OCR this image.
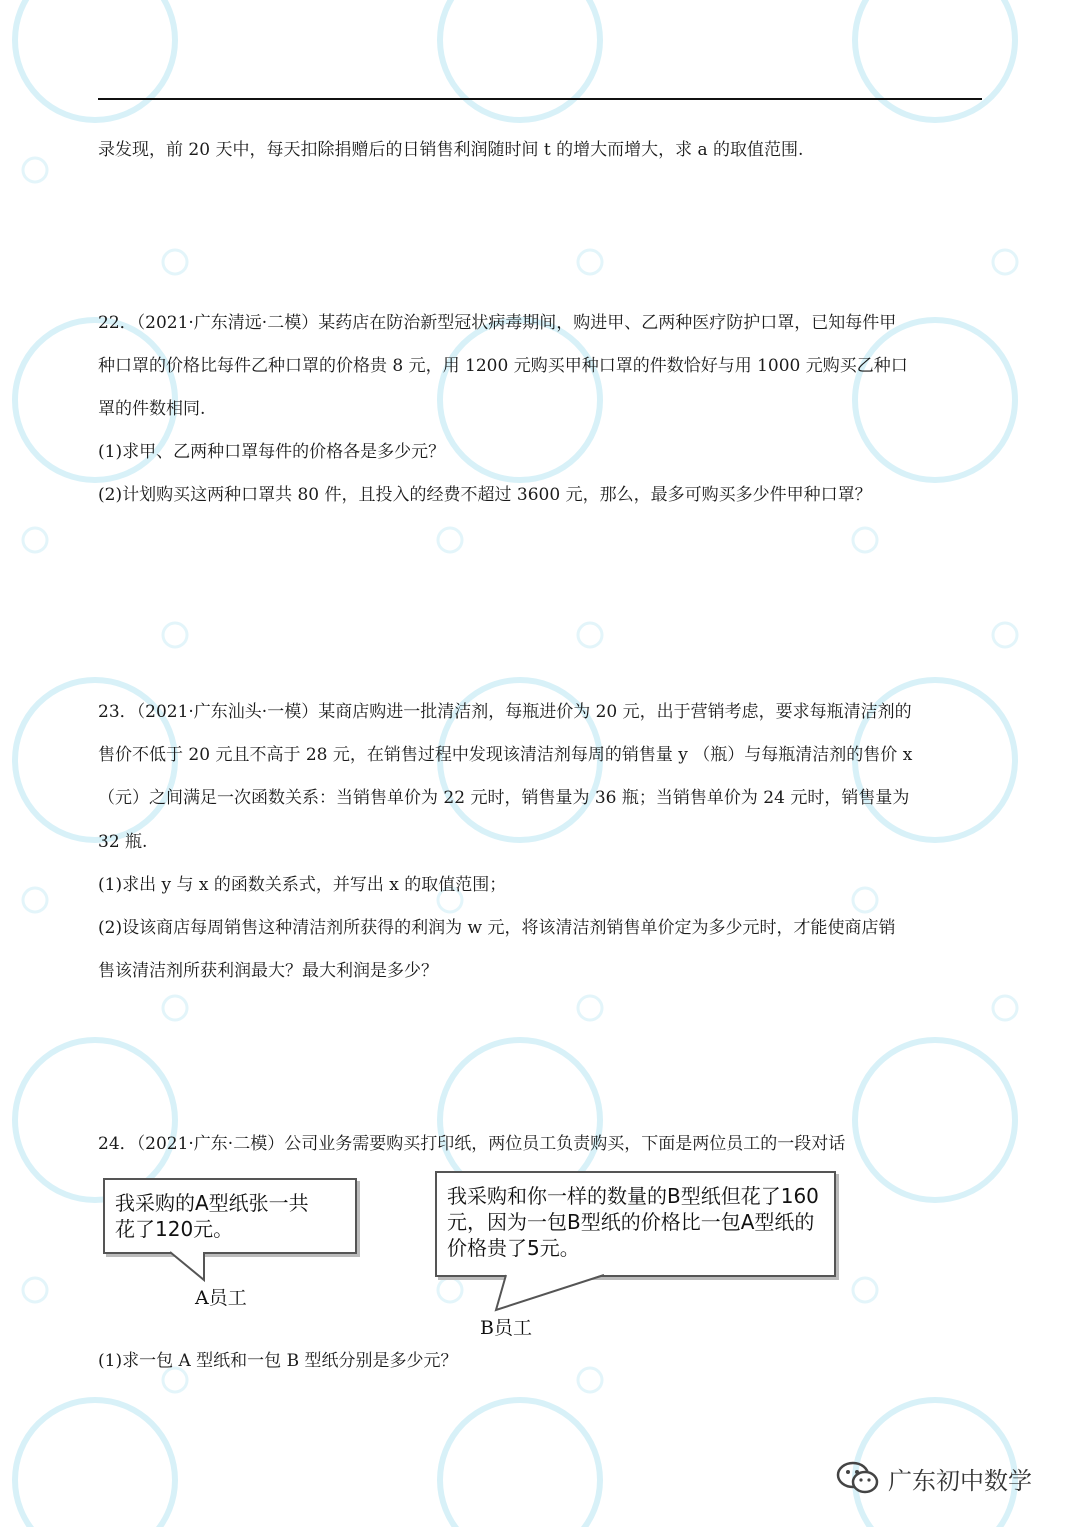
录发现，前 20 天中，每天扣除捐赠后的日销售利润随时间 t 的增大而增大，求 a 的取值范围.
22．（2021·广东清远·二模）某药店在防治新型冠状病毒期间，购进甲、乙两种医疗防护口罩，已知每件甲
种口罩的价格比每件乙种口罩的价格贵 8 元，用 1200 元购买甲种口罩的件数恰好与用 1000 元购买乙种口
罩的件数相同.
(1)求甲、乙两种口罩每件的价格各是多少元？
(2)计划购买这两种口罩共 80 件，且投入的经费不超过 3600 元，那么，最多可购买多少件甲种口罩？
23．（2021·广东汕头·一模）某商店购进一批清洁剂，每瓶进价为 20 元，出于营销考虑，要求每瓶清洁剂的
售价不低于 20 元且不高于 28 元，在销售过程中发现该清洁剂每周的销售量 y （瓶）与每瓶清洁剂的售价 x
（元）之间满足一次函数关系：当销售单价为 22 元时，销售量为 36 瓶；当销售单价为 24 元时，销售量为
32 瓶.
(1)求出 y 与 x 的函数关系式，并写出 x 的取值范围；
(2)设该商店每周销售这种清洁剂所获得的利润为 w 元，将该清洁剂销售单价定为多少元时，才能使商店销
售该清洁剂所获利润最大？最大利润是多少？
24．（2021·广东·二模）公司业务需要购买打印纸，两位员工负责购买，下面是两位员工的一段对话
我采购的A型纸张一共
花了120元。
A员工
我采购和你一样的数量的B型纸但花了160
元，因为一包B型纸的价格比一包A型纸的
价格贵了5元。
B员工
(1)求一包 A 型纸和一包 B 型纸分别是多少元？
广东初中数学
